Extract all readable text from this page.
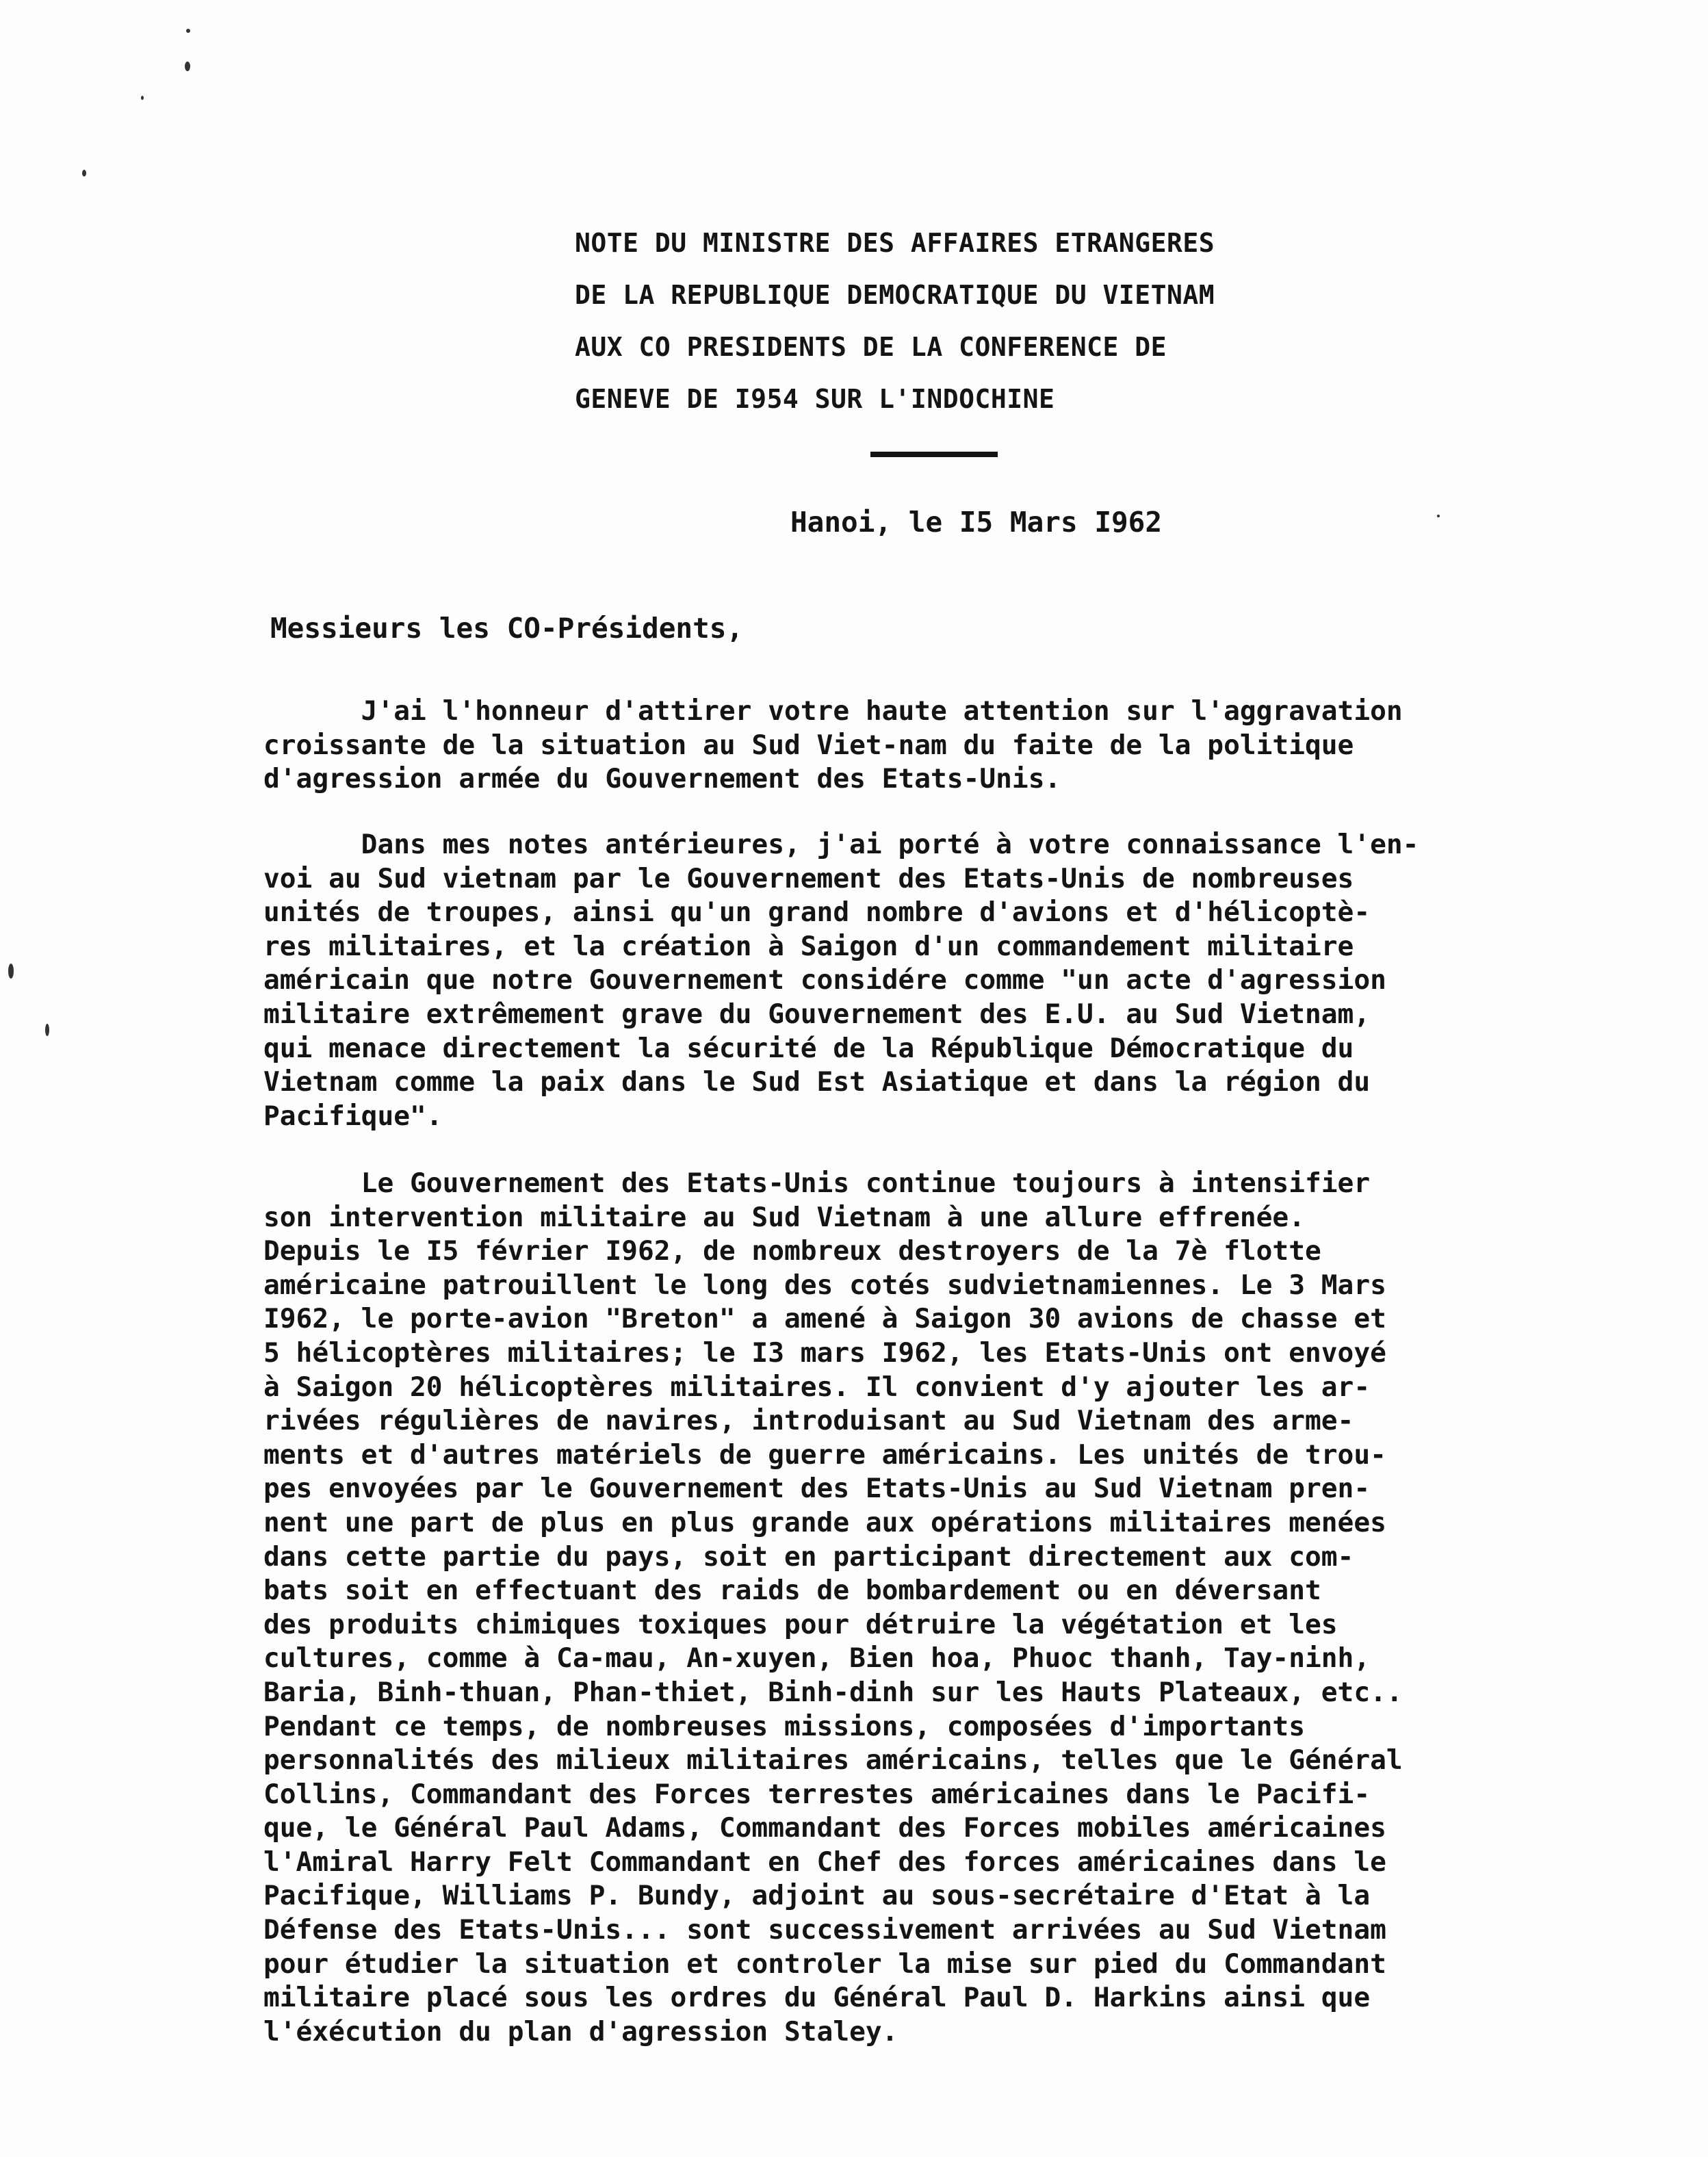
NOTE DU MINISTRE DES AFFAIRES ETRANGERES
DE LA REPUBLIQUE DEMOCRATIQUE DU VIETNAM
AUX CO PRESIDENTS DE LA CONFERENCE DE
GENEVE DE I954 SUR L'INDOCHINE
Hanoi, le I5 Mars I962
Messieurs les CO-Présidents,
J'ai l'honneur d'attirer votre haute attention sur l'aggravation
croissante de la situation au Sud Viet-nam du faite de la politique
d'agression armée du Gouvernement des Etats-Unis.
Dans mes notes antérieures, j'ai porté à votre connaissance l'en-
voi au Sud vietnam par le Gouvernement des Etats-Unis de nombreuses
unités de troupes, ainsi qu'un grand nombre d'avions et d'hélicoptè-
res militaires, et la création à Saigon d'un commandement militaire
américain que notre Gouvernement considére comme "un acte d'agression
militaire extrêmement grave du Gouvernement des E.U. au Sud Vietnam,
qui menace directement la sécurité de la République Démocratique du
Vietnam comme la paix dans le Sud Est Asiatique et dans la région du
Pacifique".
Le Gouvernement des Etats-Unis continue toujours à intensifier
son intervention militaire au Sud Vietnam à une allure effrenée.
Depuis le I5 février I962, de nombreux destroyers de la 7è flotte
américaine patrouillent le long des cotés sudvietnamiennes. Le 3 Mars
I962, le porte-avion "Breton" a amené à Saigon 30 avions de chasse et
5 hélicoptères militaires; le I3 mars I962, les Etats-Unis ont envoyé
à Saigon 20 hélicoptères militaires. Il convient d'y ajouter les ar-
rivées régulières de navires, introduisant au Sud Vietnam des arme-
ments et d'autres matériels de guerre américains. Les unités de trou-
pes envoyées par le Gouvernement des Etats-Unis au Sud Vietnam pren-
nent une part de plus en plus grande aux opérations militaires menées
dans cette partie du pays, soit en participant directement aux com-
bats soit en effectuant des raids de bombardement ou en déversant
des produits chimiques toxiques pour détruire la végétation et les
cultures, comme à Ca-mau, An-xuyen, Bien hoa, Phuoc thanh, Tay-ninh,
Baria, Binh-thuan, Phan-thiet, Binh-dinh sur les Hauts Plateaux, etc..
Pendant ce temps, de nombreuses missions, composées d'importants
personnalités des milieux militaires américains, telles que le Général
Collins, Commandant des Forces terrestes américaines dans le Pacifi-
que, le Général Paul Adams, Commandant des Forces mobiles américaines
l'Amiral Harry Felt Commandant en Chef des forces américaines dans le
Pacifique, Williams P. Bundy, adjoint au sous-secrétaire d'Etat à la
Défense des Etats-Unis... sont successivement arrivées au Sud Vietnam
pour étudier la situation et controler la mise sur pied du Commandant
militaire placé sous les ordres du Général Paul D. Harkins ainsi que
l'éxécution du plan d'agression Staley.
